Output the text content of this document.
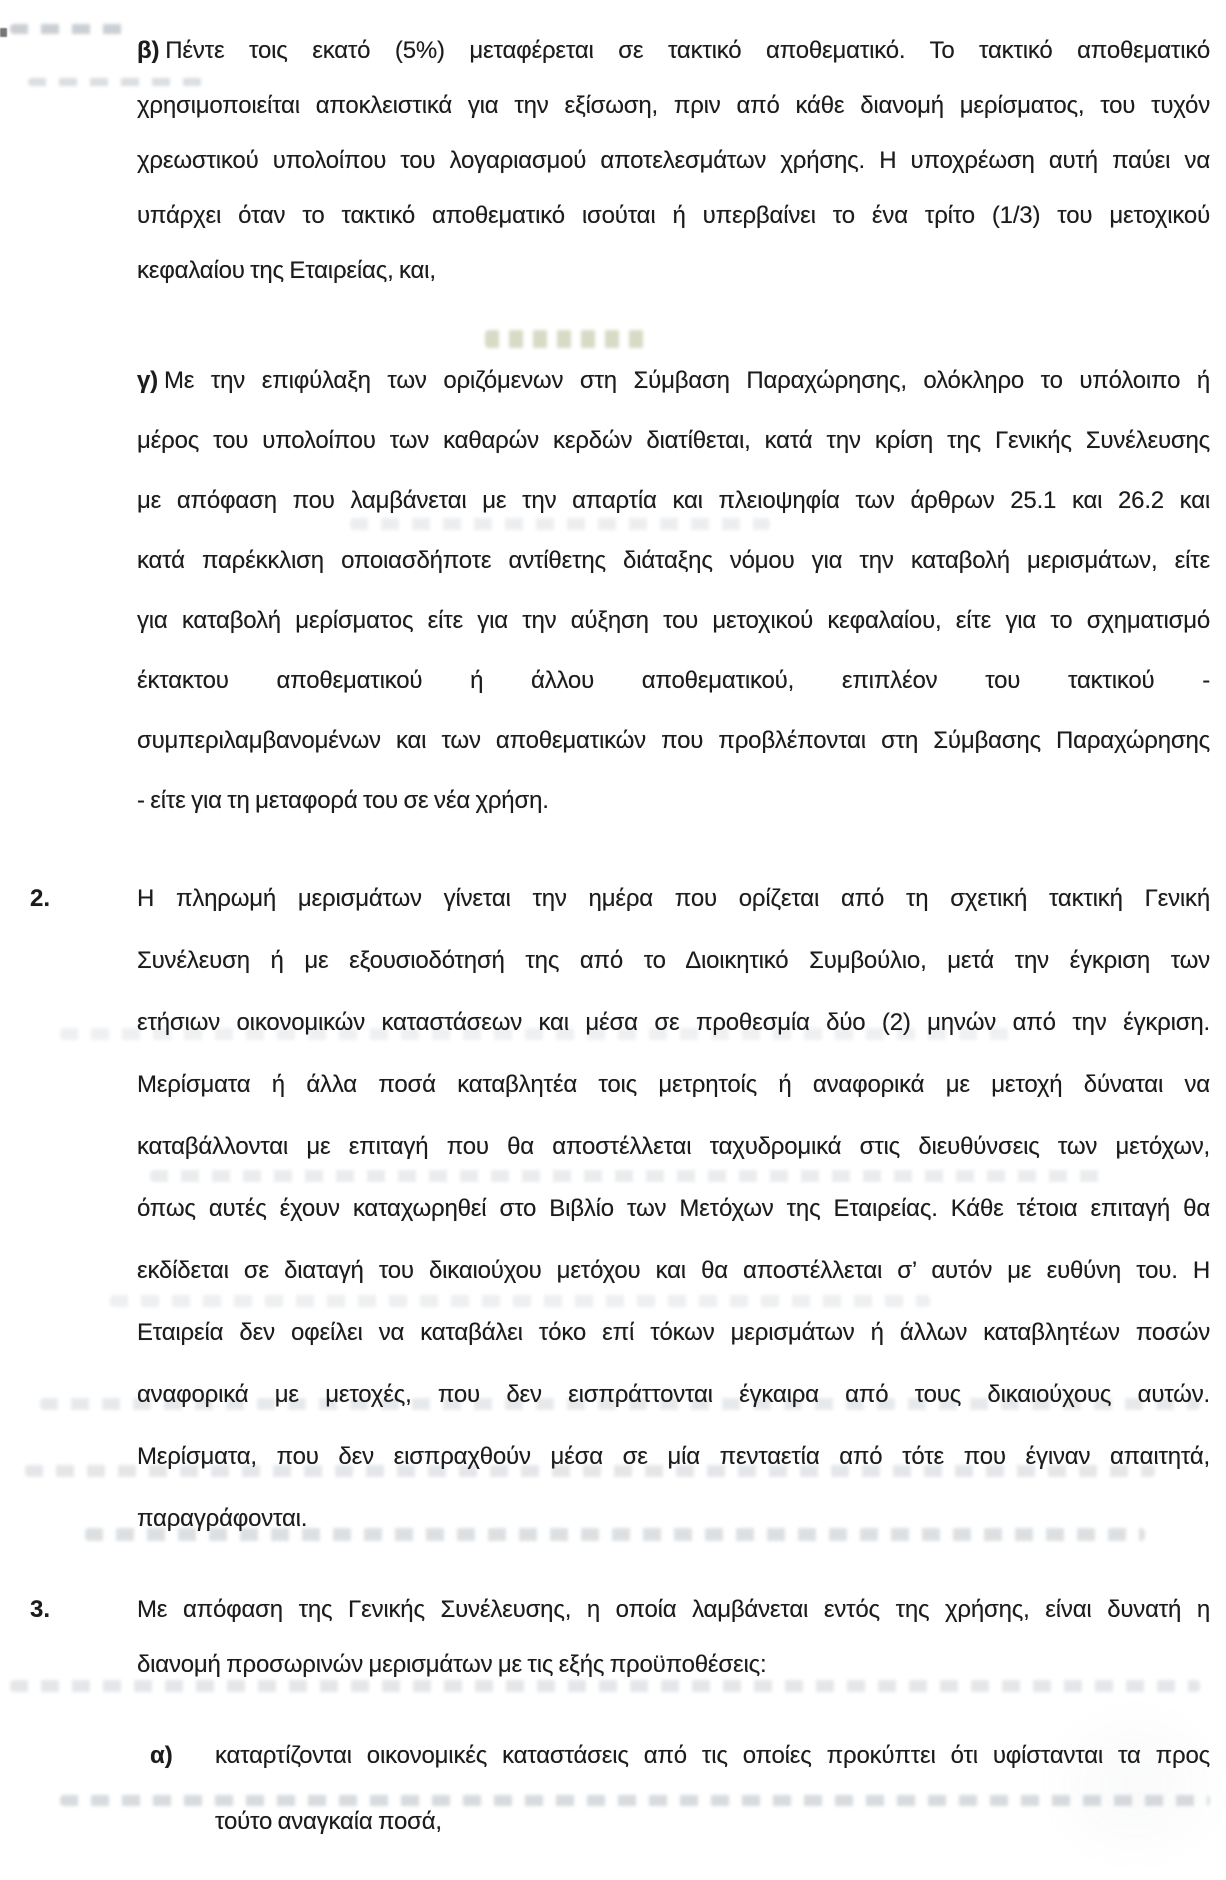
β) Πέντε τοις εκατό (5%) μεταφέρεται σε τακτικό αποθεματικό. Το τακτικό αποθεματικό
χρησιμοποιείται αποκλειστικά για την εξίσωση, πριν από κάθε διανομή μερίσματος, του τυχόν
χρεωστικού υπολοίπου του λογαριασμού αποτελεσμάτων χρήσης. Η υποχρέωση αυτή παύει να
υπάρχει όταν το τακτικό αποθεματικό ισούται ή υπερβαίνει το ένα τρίτο (1/3) του μετοχικού
κεφαλαίου της Εταιρείας, και,
γ) Με την επιφύλαξη των οριζόμενων στη Σύμβαση Παραχώρησης, ολόκληρο το υπόλοιπο ή
μέρος του υπολοίπου των καθαρών κερδών διατίθεται, κατά την κρίση της Γενικής Συνέλευσης
με απόφαση που λαμβάνεται με την απαρτία και πλειοψηφία των άρθρων 25.1 και 26.2 και
κατά παρέκκλιση οποιασδήποτε αντίθετης διάταξης νόμου για την καταβολή μερισμάτων, είτε
για καταβολή μερίσματος είτε για την αύξηση του μετοχικού κεφαλαίου, είτε για το σχηματισμό
έκτακτου αποθεματικού ή άλλου αποθεματικού, επιπλέον του τακτικού -
συμπεριλαμβανομένων και των αποθεματικών που προβλέπονται στη Σύμβασης Παραχώρησης
- είτε για τη μεταφορά του σε νέα χρήση.
2.	Η πληρωμή μερισμάτων γίνεται την ημέρα που ορίζεται από τη σχετική τακτική Γενική
Συνέλευση ή με εξουσιοδότησή της από το Διοικητικό Συμβούλιο, μετά την έγκριση των
ετήσιων οικονομικών καταστάσεων και μέσα σε προθεσμία δύο (2) μηνών από την έγκριση.
Μερίσματα ή άλλα ποσά καταβλητέα τοις μετρητοίς ή αναφορικά με μετοχή δύναται να
καταβάλλονται με επιταγή που θα αποστέλλεται ταχυδρομικά στις διευθύνσεις των μετόχων,
όπως αυτές έχουν καταχωρηθεί στο Βιβλίο των Μετόχων της Εταιρείας. Κάθε τέτοια επιταγή θα
εκδίδεται σε διαταγή του δικαιούχου μετόχου και θα αποστέλλεται σ’ αυτόν με ευθύνη του. Η
Εταιρεία δεν οφείλει να καταβάλει τόκο επί τόκων μερισμάτων ή άλλων καταβλητέων ποσών
αναφορικά με μετοχές, που δεν εισπράττονται έγκαιρα από τους δικαιούχους αυτών.
Μερίσματα, που δεν εισπραχθούν μέσα σε μία πενταετία από τότε που έγιναν απαιτητά,
παραγράφονται.
3.	Με απόφαση της Γενικής Συνέλευσης, η οποία λαμβάνεται εντός της χρήσης, είναι δυνατή η
διανομή προσωρινών μερισμάτων με τις εξής προϋποθέσεις:
α) καταρτίζονται οικονομικές καταστάσεις από τις οποίες προκύπτει ότι υφίστανται τα προς
τούτο αναγκαία ποσά,
